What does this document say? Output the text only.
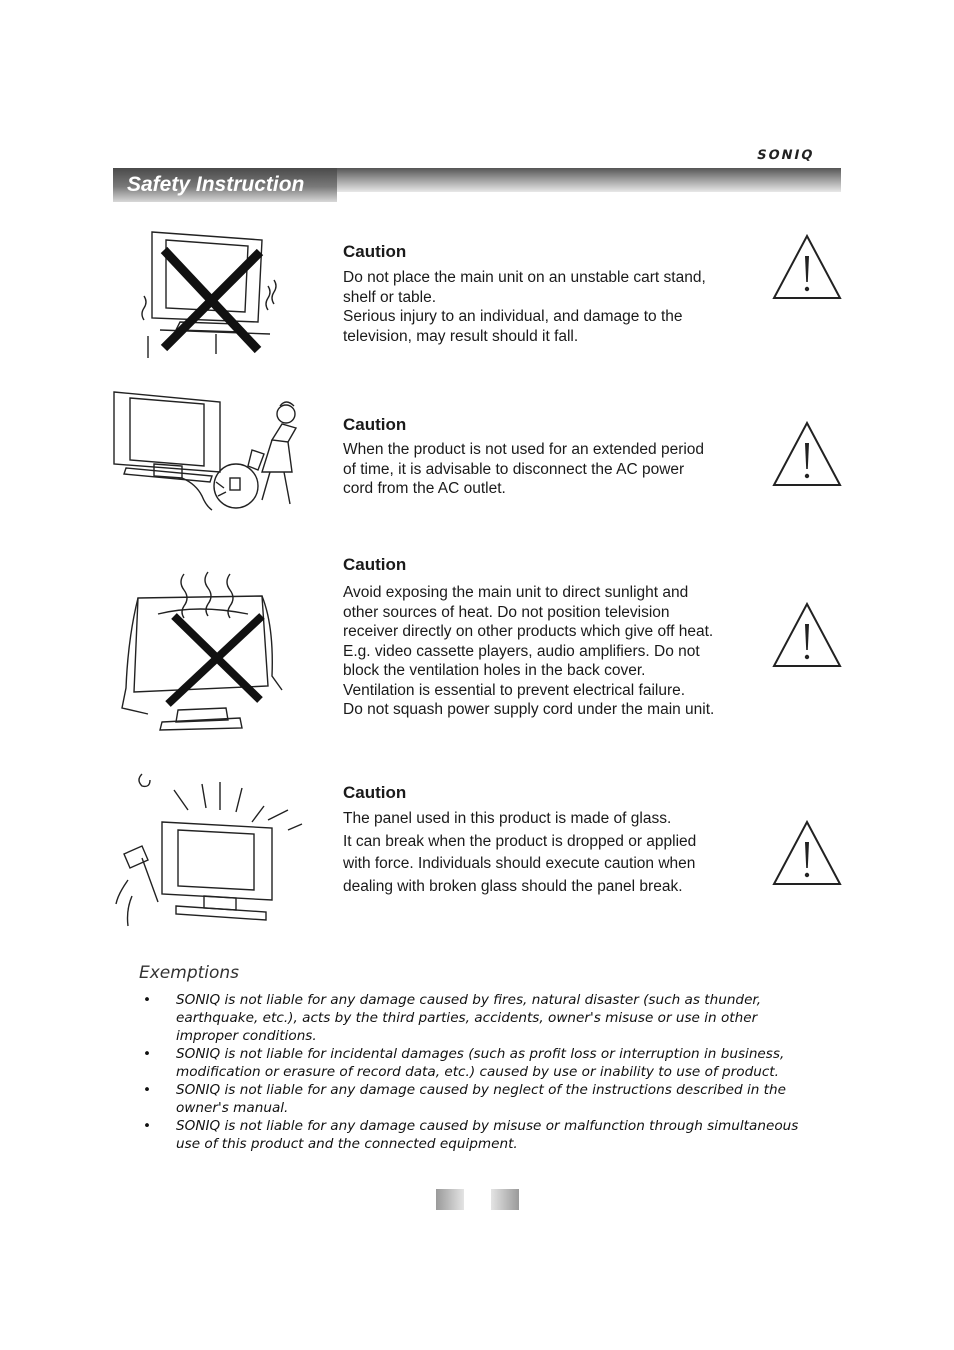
SONIQ
Safety Instruction
Caution
Do not place the main unit on an unstable cart stand,
shelf or table.
Serious injury to an individual, and damage to the
television, may result should it fall.
Caution
When the product is not used for an extended period
of time, it is advisable to disconnect the AC power
cord from the AC outlet.
Caution
Avoid exposing the main unit to direct sunlight and
other sources of heat. Do not position television
receiver directly on other products which give off heat.
E.g. video cassette players, audio amplifiers. Do not
block the ventilation holes in the back cover.
Ventilation is essential to prevent electrical failure.
Do not squash power supply cord under the main unit.
Caution
The panel used in this product is made of glass.
It can break when the product is dropped or applied
with force. Individuals should execute caution when
dealing with broken glass should the panel break.
Exemptions
• SONIQ is not liable for any damage caused by fires, natural disaster (such as thunder,
earthquake, etc.), acts by the third parties, accidents, owner's misuse or use in other
improper conditions.
• SONIQ is not liable for incidental damages (such as profit loss or interruption in business,
modification or erasure of record data, etc.) caused by use or inability to use of product.
• SONIQ is not liable for any damage caused by neglect of the instructions described in the
owner's manual.
• SONIQ is not liable for any damage caused by misuse or malfunction through simultaneous
use of this product and the connected equipment.
